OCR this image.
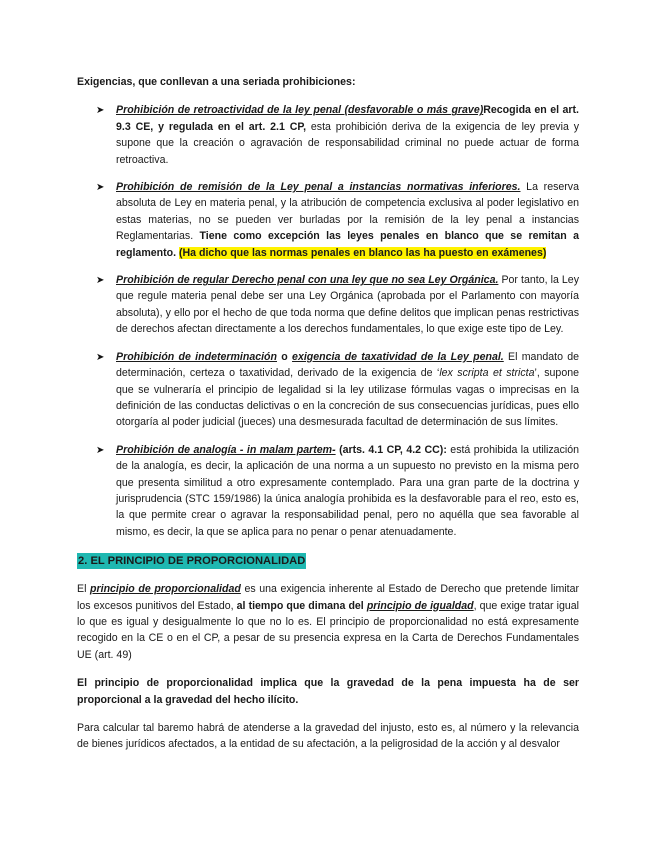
Exigencias, que conllevan a una seriada prohibiciones:

➤ Prohibición de retroactividad de la ley penal (desfavorable o más grave)Recogida en el art. 9.3 CE, y regulada en el art. 2.1 CP, esta prohibición deriva de la exigencia de ley previa y supone que la creación o agravación de responsabilidad criminal no puede actuar de forma retroactiva.

➤ Prohibición de remisión de la Ley penal a instancias normativas inferiores. La reserva absoluta de Ley en materia penal, y la atribución de competencia exclusiva al poder legislativo en estas materias, no se pueden ver burladas por la remisión de la ley penal a instancias Reglamentarias. Tiene como excepción las leyes penales en blanco que se remitan a reglamento. (Ha dicho que las normas penales en blanco las ha puesto en exámenes)

➤ Prohibición de regular Derecho penal con una ley que no sea Ley Orgánica. Por tanto, la Ley que regule materia penal debe ser una Ley Orgánica (aprobada por el Parlamento con mayoría absoluta), y ello por el hecho de que toda norma que define delitos que implican penas restrictivas de derechos afectan directamente a los derechos fundamentales, lo que exige este tipo de Ley.

➤ Prohibición de indeterminación o exigencia de taxatividad de la Ley penal. El mandato de determinación, certeza o taxatividad, derivado de la exigencia de ‘lex scripta et stricta’, supone que se vulneraría el principio de legalidad si la ley utilizase fórmulas vagas o imprecisas en la definición de las conductas delictivas o en la concreción de sus consecuencias jurídicas, pues ello otorgaría al poder judicial (jueces) una desmesurada facultad de determinación de sus límites.

➤ Prohibición de analogía - in malam partem- (arts. 4.1 CP, 4.2 CC): está prohibida la utilización de la analogía, es decir, la aplicación de una norma a un supuesto no previsto en la misma pero que presenta similitud a otro expresamente contemplado. Para una gran parte de la doctrina y jurisprudencia (STC 159/1986) la única analogía prohibida es la desfavorable para el reo, esto es, la que permite crear o agravar la responsabilidad penal, pero no aquélla que sea favorable al mismo, es decir, la que se aplica para no penar o penar atenuadamente.

2. EL PRINCIPIO DE PROPORCIONALIDAD

El principio de proporcionalidad es una exigencia inherente al Estado de Derecho que pretende limitar los excesos punitivos del Estado, al tiempo que dimana del principio de igualdad, que exige tratar igual lo que es igual y desigualmente lo que no lo es. El principio de proporcionalidad no está expresamente recogido en la CE o en el CP, a pesar de su presencia expresa en la Carta de Derechos Fundamentales UE (art. 49)

El principio de proporcionalidad implica que la gravedad de la pena impuesta ha de ser proporcional a la gravedad del hecho ilícito.

Para calcular tal baremo habrá de atenderse a la gravedad del injusto, esto es, al número y la relevancia de bienes jurídicos afectados, a la entidad de su afectación, a la peligrosidad de la acción y al desvalor
